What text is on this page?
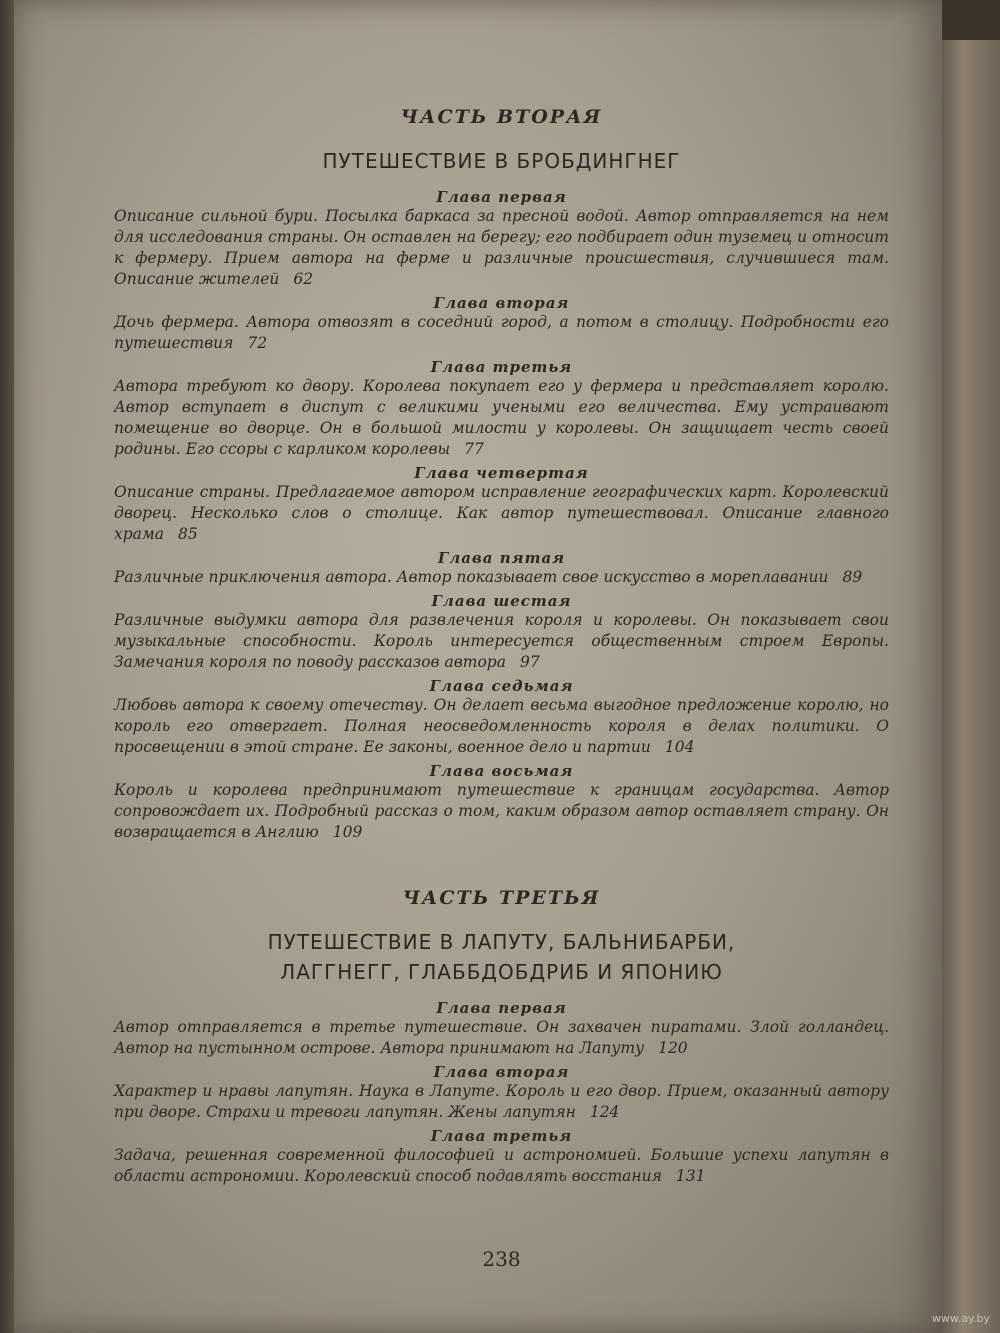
ЧАСТЬ ВТОРАЯ
ПУТЕШЕСТВИЕ В БРОБДИНГНЕГ
Глава первая
Описание сильной бури. Посылка баркаса за пресной водой. Автор отправляется на нем для исследования страны. Он оставлен на берегу; его подбирает один туземец и относит к фермеру. Прием автора на ферме и различные происшествия, случившиеся там. Описание жителей 62
Глава вторая
Дочь фермера. Автора отвозят в соседний город, а потом в столицу. Подробности его путешествия 72
Глава третья
Автора требуют ко двору. Королева покупает его у фермера и представляет королю. Автор вступает в диспут с великими учеными его величества. Ему устраивают помещение во дворце. Он в большой милости у королевы. Он защищает честь своей родины. Его ссоры с карликом королевы 77
Глава четвертая
Описание страны. Предлагаемое автором исправление географических карт. Королевский дворец. Несколько слов о столице. Как автор путешествовал. Описание главного храма 85
Глава пятая
Различные приключения автора. Автор показывает свое искусство в мореплавании 89
Глава шестая
Различные выдумки автора для развлечения короля и королевы. Он показывает свои музыкальные способности. Король интересуется общественным строем Европы. Замечания короля по поводу рассказов автора 97
Глава седьмая
Любовь автора к своему отечеству. Он делает весьма выгодное предложение королю, но король его отвергает. Полная неосведомленность короля в делах политики. О просвещении в этой стране. Ее законы, военное дело и партии 104
Глава восьмая
Король и королева предпринимают путешествие к границам государства. Автор сопровождает их. Подробный рассказ о том, каким образом автор оставляет страну. Он возвращается в Англию 109
ЧАСТЬ ТРЕТЬЯ
ПУТЕШЕСТВИЕ В ЛАПУТУ, БАЛЬНИБАРБИ,
ЛАГГНЕГГ, ГЛАББДОБДРИБ И ЯПОНИЮ
Глава первая
Автор отправляется в третье путешествие. Он захвачен пиратами. Злой голландец. Автор на пустынном острове. Автора принимают на Лапуту 120
Глава вторая
Характер и нравы лапутян. Наука в Лапуте. Король и его двор. Прием, оказанный автору при дворе. Страхи и тревоги лапутян. Жены лапутян 124
Глава третья
Задача, решенная современной философией и астрономией. Большие успехи лапутян в области астрономии. Королевский способ подавлять восстания 131
238
www.ay.by
